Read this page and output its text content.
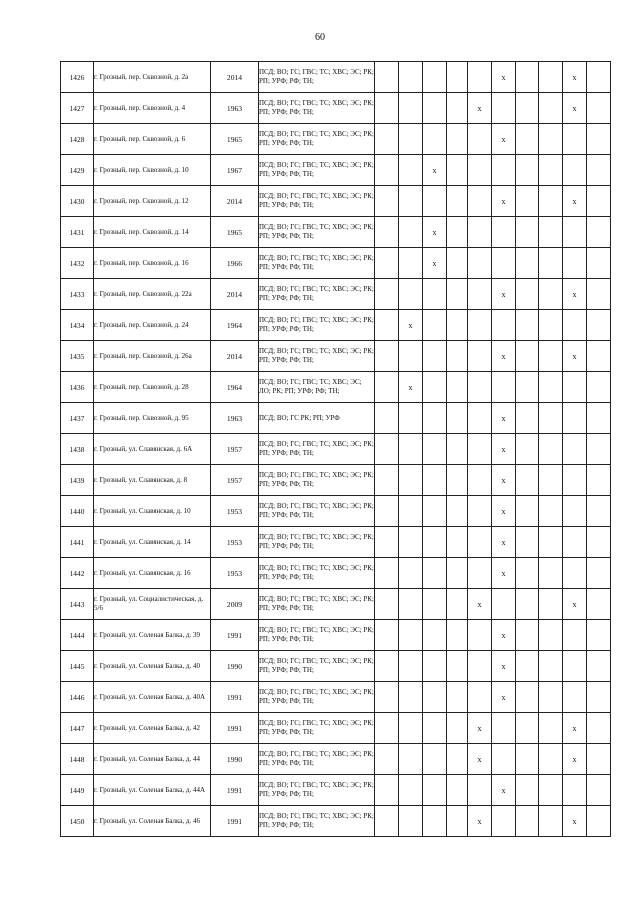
60
1426	г. Грозный, пер. Сквозной, д. 2а	2014	ПСД; ВО; ГС; ГВС; ТС; ХВС; ЭС; РК; РП; УРФ; РФ; ТН;						x			x	
1427	г. Грозный, пер. Сквозной, д. 4	1963	ПСД; ВО; ГС; ГВС; ТС; ХВС; ЭС; РК; РП; УРФ; РФ; ТН;					x				x	
1428	г. Грозный, пер. Сквозной, д. 6	1965	ПСД; ВО; ГС; ГВС; ТС; ХВС; ЭС; РК; РП; УРФ; РФ; ТН;						x				
1429	г. Грозный, пер. Сквозной, д. 10	1967	ПСД; ВО; ГС; ГВС; ТС; ХВС; ЭС; РК; РП; УРФ; РФ; ТН;			x							
1430	г. Грозный, пер. Сквозной, д. 12	2014	ПСД; ВО; ГС; ГВС; ТС; ХВС; ЭС; РК; РП; УРФ; РФ; ТН;						x			x	
1431	г. Грозный, пер. Сквозной, д. 14	1965	ПСД; ВО; ГС; ГВС; ТС; ХВС; ЭС; РК; РП; УРФ; РФ; ТН;			x							
1432	г. Грозный, пер. Сквозной, д. 16	1966	ПСД; ВО; ГС; ГВС; ТС; ХВС; ЭС; РК; РП; УРФ; РФ; ТН;			x							
1433	г. Грозный, пер. Сквозной, д. 22а	2014	ПСД; ВО; ГС; ГВС; ТС; ХВС; ЭС; РК; РП; УРФ; РФ; ТН;						x			x	
1434	г. Грозный, пер. Сквозной, д. 24	1964	ПСД; ВО; ГС; ГВС; ТС; ХВС; ЭС; РК; РП; УРФ; РФ; ТН;		x								
1435	г. Грозный, пер. Сквозной, д. 26а	2014	ПСД; ВО; ГС; ГВС; ТС; ХВС; ЭС; РК; РП; УРФ; РФ; ТН;						x			x	
1436	г. Грозный, пер. Сквозной, д. 28	1964	ПСД; ВО; ГС; ГВС; ТС; ХВС; ЭС; ЛО; РК; РП; УРФ; РФ; ТН;		x								
1437	г. Грозный, пер. Сквозной, д. 95	1963	ПСД; ВО; ГС РК; РП; УРФ						x				
1438	г. Грозный, ул. Славянская, д. 6А	1957	ПСД; ВО; ГС; ГВС; ТС; ХВС; ЭС; РК; РП; УРФ; РФ; ТН;						x				
1439	г. Грозный, ул. Славянская, д. 8	1957	ПСД; ВО; ГС; ГВС; ТС; ХВС; ЭС; РК; РП; УРФ; РФ; ТН;						x				
1440	г. Грозный, ул. Славянская, д. 10	1953	ПСД; ВО; ГС; ГВС; ТС; ХВС; ЭС; РК; РП; УРФ; РФ; ТН;						x				
1441	г. Грозный, ул. Славянская, д. 14	1953	ПСД; ВО; ГС; ГВС; ТС; ХВС; ЭС; РК; РП; УРФ; РФ; ТН;						x				
1442	г. Грозный, ул. Славянская, д. 16	1953	ПСД; ВО; ГС; ГВС; ТС; ХВС; ЭС; РК; РП; УРФ; РФ; ТН;						x				
1443	г. Грозный, ул. Социалистическая, д. 5/6	2009	ПСД; ВО; ГС; ГВС; ТС; ХВС; ЭС; РК; РП; УРФ; РФ; ТН;					x				x	
1444	г. Грозный, ул. Соленая Балка, д. 39	1991	ПСД; ВО; ГС; ГВС; ТС; ХВС; ЭС; РК; РП; УРФ; РФ; ТН;						x				
1445	г. Грозный, ул. Соленая Балка, д. 40	1990	ПСД; ВО; ГС; ГВС; ТС; ХВС; ЭС; РК; РП; УРФ; РФ; ТН;						x				
1446	г. Грозный, ул. Соленая Балка, д. 40А	1991	ПСД; ВО; ГС; ГВС; ТС; ХВС; ЭС; РК; РП; УРФ; РФ; ТН;						x				
1447	г. Грозный, ул. Соленая Балка, д. 42	1991	ПСД; ВО; ГС; ГВС; ТС; ХВС; ЭС; РК; РП; УРФ; РФ; ТН;					x				x	
1448	г. Грозный, ул. Соленая Балка, д. 44	1990	ПСД; ВО; ГС; ГВС; ТС; ХВС; ЭС; РК; РП; УРФ; РФ; ТН;					x				x	
1449	г. Грозный, ул. Соленая Балка, д. 44А	1991	ПСД; ВО; ГС; ГВС; ТС; ХВС; ЭС; РК; РП; УРФ; РФ; ТН;						x				
1450	г. Грозный, ул. Соленая Балка, д. 46	1991	ПСД; ВО; ГС; ГВС; ТС; ХВС; ЭС; РК; РП; УРФ; РФ; ТН;					x				x	
